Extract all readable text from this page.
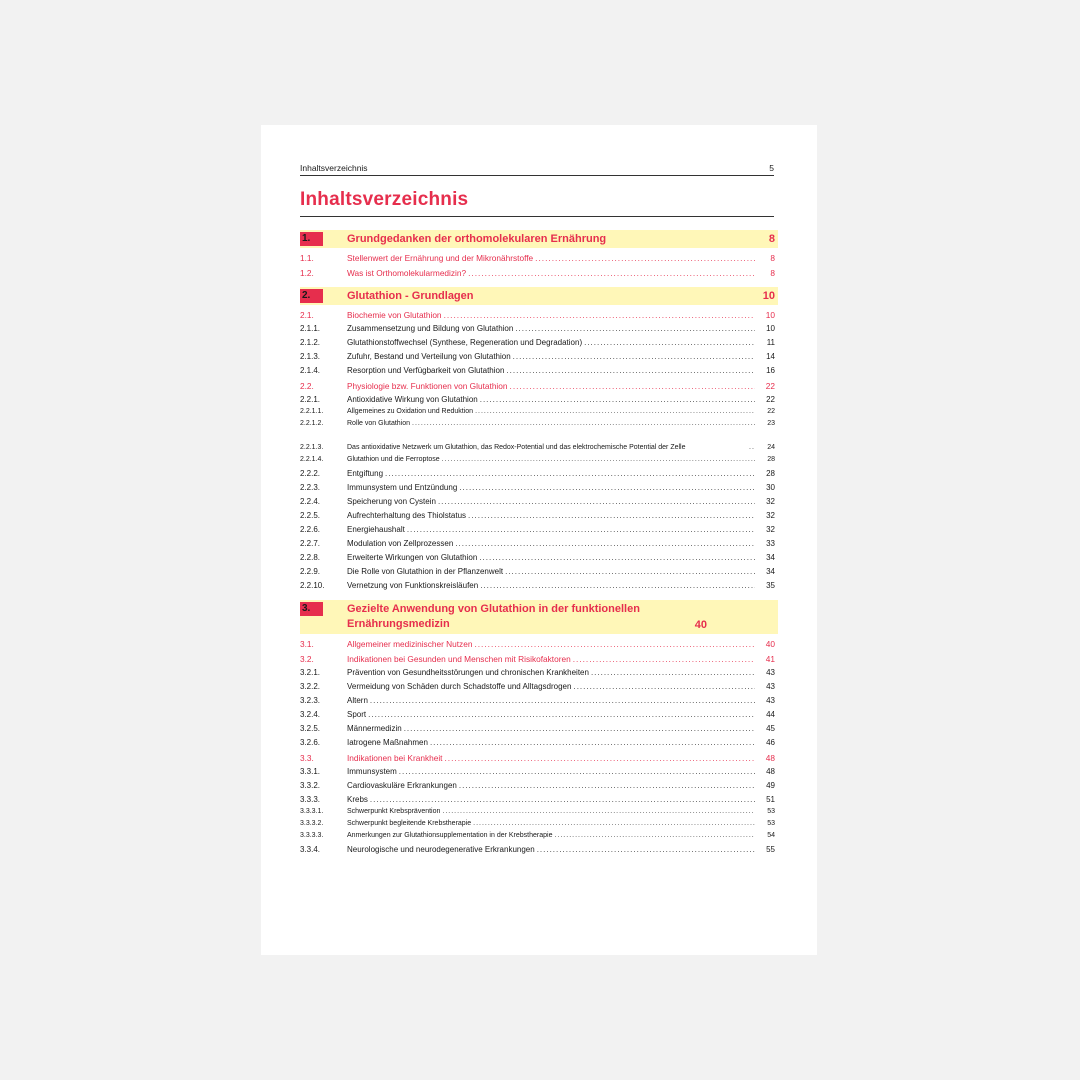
Inhaltsverzeichnis	5
Inhaltsverzeichnis
1.	Grundgedanken der orthomolekularen Ernährung	8
1.1.	Stellenwert der Ernährung und der Mikronährstoffe .....	8
1.2.	Was ist Orthomolekularmedizin? .....	8
2.	Glutathion - Grundlagen	10
2.1.	Biochemie von Glutathion .....	10
2.1.1.	Zusammensetzung und Bildung von Glutathion .....	10
2.1.2.	Glutathionstoffwechsel (Synthese, Regeneration und Degradation) .....	11
2.1.3.	Zufuhr, Bestand und Verteilung von Glutathion .....	14
2.1.4.	Resorption und Verfügbarkeit von Glutathion .....	16
2.2.	Physiologie bzw. Funktionen von Glutathion .....	22
2.2.1.	Antioxidative Wirkung von Glutathion .....	22
2.2.1.1.	Allgemeines zu Oxidation und Reduktion .....	22
2.2.1.2.	Rolle von Glutathion .....	23
2.2.1.3.	Das antioxidative Netzwerk um Glutathion, das Redox-Potential und das elektrochemische Potential der Zelle .....	24
2.2.1.4.	Glutathion und die Ferroptose .....	28
2.2.2.	Entgiftung .....	28
2.2.3.	Immunsystem und Entzündung .....	30
2.2.4.	Speicherung von Cystein .....	32
2.2.5.	Aufrechterhaltung des Thiolstatus .....	32
2.2.6.	Energiehaushalt .....	32
2.2.7.	Modulation von Zellprozessen .....	33
2.2.8.	Erweiterte Wirkungen von Glutathion .....	34
2.2.9.	Die Rolle von Glutathion in der Pflanzenwelt .....	34
2.2.10.	Vernetzung von Funktionskreisläufen .....	35
3.	Gezielte Anwendung von Glutathion in der funktionellen Ernährungsmedizin	40
3.1.	Allgemeiner medizinischer Nutzen .....	40
3.2.	Indikationen bei Gesunden und Menschen mit Risikofaktoren .....	41
3.2.1.	Prävention von Gesundheitsstörungen und chronischen Krankheiten .....	43
3.2.2.	Vermeidung von Schäden durch Schadstoffe und Alltagsdrogen .....	43
3.2.3.	Altern .....	43
3.2.4.	Sport .....	44
3.2.5.	Männermedizin .....	45
3.2.6.	Iatrogene Maßnahmen .....	46
3.3.	Indikationen bei Krankheit .....	48
3.3.1.	Immunsystem .....	48
3.3.2.	Cardiovaskuläre Erkrankungen .....	49
3.3.3.	Krebs .....	51
3.3.3.1.	Schwerpunkt Krebsprävention .....	53
3.3.3.2.	Schwerpunkt begleitende Krebstherapie .....	53
3.3.3.3.	Anmerkungen zur Glutathionsupplementation in der Krebstherapie .....	54
3.3.4.	Neurologische und neurodegenerative Erkrankungen .....	55
